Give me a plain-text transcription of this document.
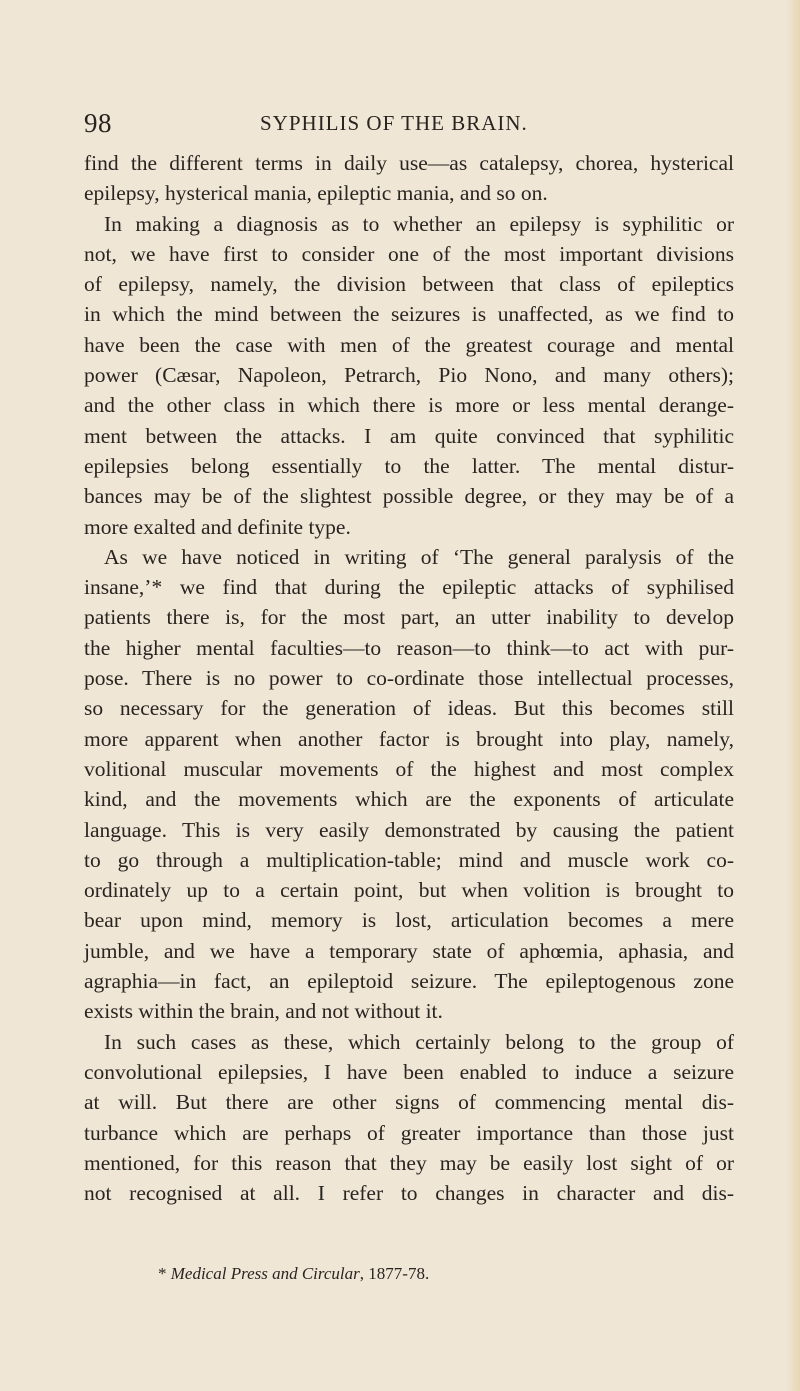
98	SYPHILIS OF THE BRAIN.
find the different terms in daily use—as catalepsy, chorea, hysterical
epilepsy, hysterical mania, epileptic mania, and so on.
In making a diagnosis as to whether an epilepsy is syphilitic or
not, we have first to consider one of the most important divisions
of epilepsy, namely, the division between that class of epileptics
in which the mind between the seizures is unaffected, as we find to
have been the case with men of the greatest courage and mental
power (Cæsar, Napoleon, Petrarch, Pio Nono, and many others);
and the other class in which there is more or less mental derange-
ment between the attacks. I am quite convinced that syphilitic
epilepsies belong essentially to the latter. The mental distur-
bances may be of the slightest possible degree, or they may be of a
more exalted and definite type.
As we have noticed in writing of ‘The general paralysis of the
insane,’* we find that during the epileptic attacks of syphilised
patients there is, for the most part, an utter inability to develop
the higher mental faculties—to reason—to think—to act with pur-
pose. There is no power to co-ordinate those intellectual processes,
so necessary for the generation of ideas. But this becomes still
more apparent when another factor is brought into play, namely,
volitional muscular movements of the highest and most complex
kind, and the movements which are the exponents of articulate
language. This is very easily demonstrated by causing the patient
to go through a multiplication-table; mind and muscle work co-
ordinately up to a certain point, but when volition is brought to
bear upon mind, memory is lost, articulation becomes a mere
jumble, and we have a temporary state of aphœmia, aphasia, and
agraphia—in fact, an epileptoid seizure. The epileptogenous zone
exists within the brain, and not without it.
In such cases as these, which certainly belong to the group of
convolutional epilepsies, I have been enabled to induce a seizure
at will. But there are other signs of commencing mental dis-
turbance which are perhaps of greater importance than those just
mentioned, for this reason that they may be easily lost sight of or
not recognised at all. I refer to changes in character and dis-
* Medical Press and Circular, 1877-78.
